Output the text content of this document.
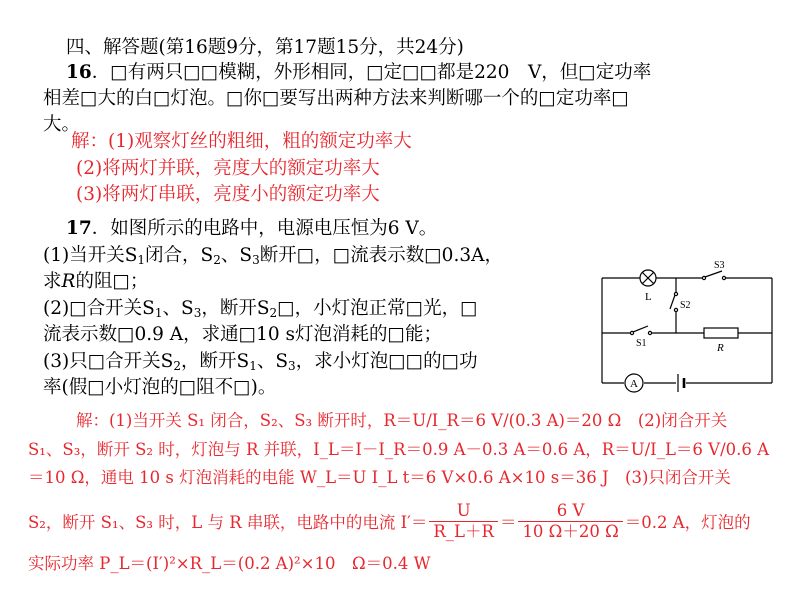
四、解答题(第16题9分，第17题15分，共24分)
16．□有两只□□模糊，外形相同，□定□□都是220　V，但□定功率
相差□大的白□灯泡。□你□要写出两种方法来判断哪一个的□定功率□
大。
解：(1)观察灯丝的粗细，粗的额定功率大
(2)将两灯并联，亮度大的额定功率大
(3)将两灯串联，亮度小的额定功率大
17．如图所示的电路中，电源电压恒为6 V。
(1)当开关$S_1$闭合，$S_2$、$S_3$断开□，□流表示数□0.3A，
求R的阻□；
(2)□合开关$S_1$、$S_3$，断开$S_2□$，小灯泡正常□光，□
流表示数□0.9 A，求通□10 s灯泡消耗的□能；
(3)只□合开关$S_2$，断开$S_1$、$S_3$，求小灯泡□□的□功
率(假□小灯泡的□阻不□)。
L
S3
S2
S1	R
A
解：(1)当开关 S₁ 闭合，S₂、S₃ 断开时，R＝U/I_R＝6 V/(0.3 A)＝20 Ω　(2)闭合开关
S₁、S₃，断开 S₂ 时，灯泡与 R 并联，I_L＝I－I_R＝0.9 A－0.3 A＝0.6 A，R＝U/I_L＝6 V/0.6 A
＝10 Ω，通电 10 s 灯泡消耗的电能 W_L＝U I_L t＝6 V×0.6 A×10 s＝36 J　(3)只闭合开关
S₂，断开 S₁、S₃ 时，L 与 R 串联，电路中的电流 $I'= \frac{U}{R\_L+R} = \frac{6 V}{10 \Omega+20 \Omega} =0.2$ A，灯泡的
实际功率 P_L＝(I′)²×R_L＝(0.2 A)²×10　Ω＝0.4 W
